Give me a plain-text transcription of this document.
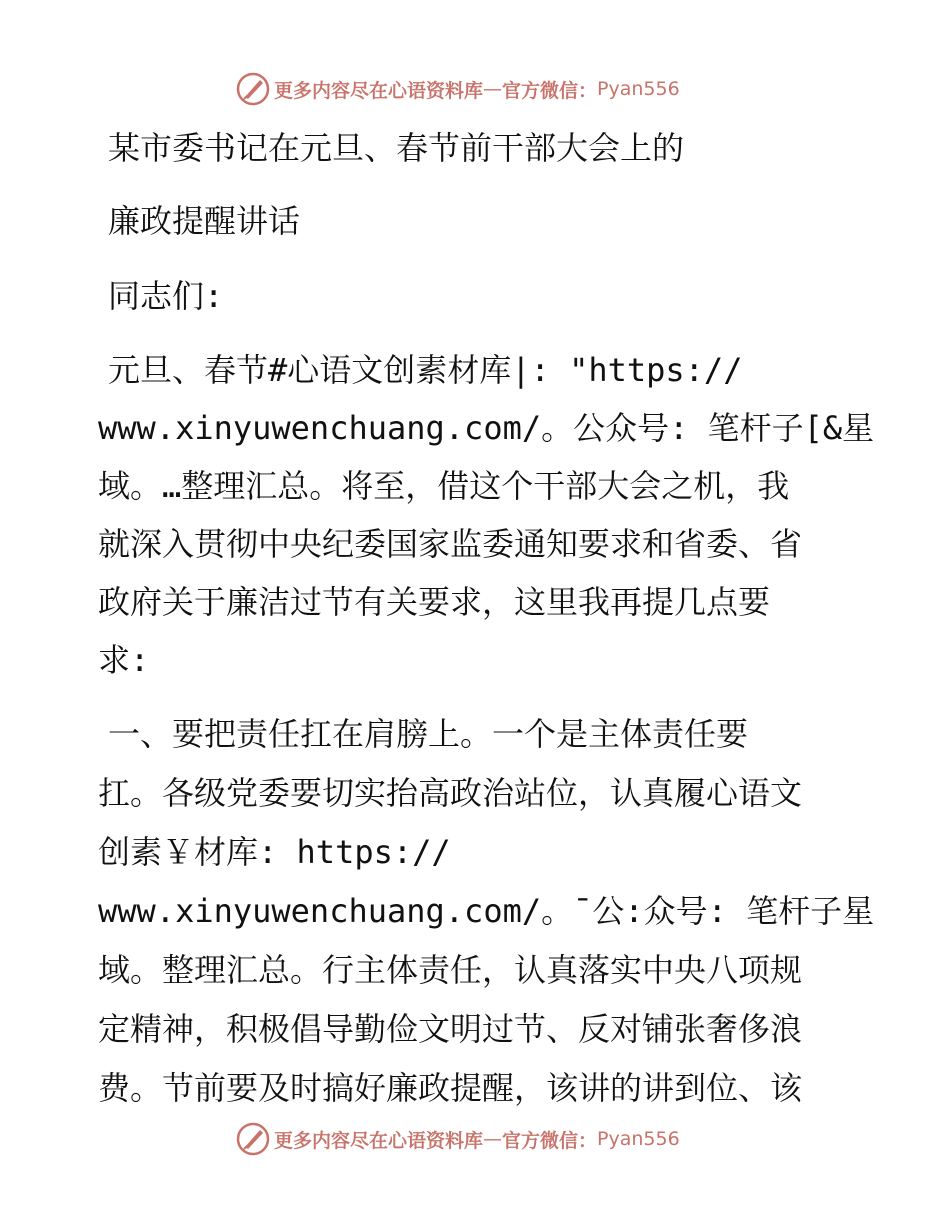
更多内容尽在心语资料库 — 官方微信： Pyan556

某市委书记在元旦、春节前干部大会上的

廉政提醒讲话

同志们:

元旦、春节#心语文创素材库|: "https://

www.xinyuwenchuang.com/。公众号: 笔杆子[&星

域。…整理汇总。将至，借这个干部大会之机，我

就深入贯彻中央纪委国家监委通知要求和省委、省

政府关于廉洁过节有关要求，这里我再提几点要

求:

一、要把责任扛在肩膀上。一个是主体责任要

扛。各级党委要切实抬高政治站位，认真履心语文

创素￥材库: https://

www.xinyuwenchuang.com/。¯公:众号: 笔杆子星

域。整理汇总。行主体责任，认真落实中央八项规

定精神，积极倡导勤俭文明过节、反对铺张奢侈浪

费。节前要及时搞好廉政提醒，该讲的讲到位、该

更多内容尽在心语资料库 — 官方微信： Pyan556
